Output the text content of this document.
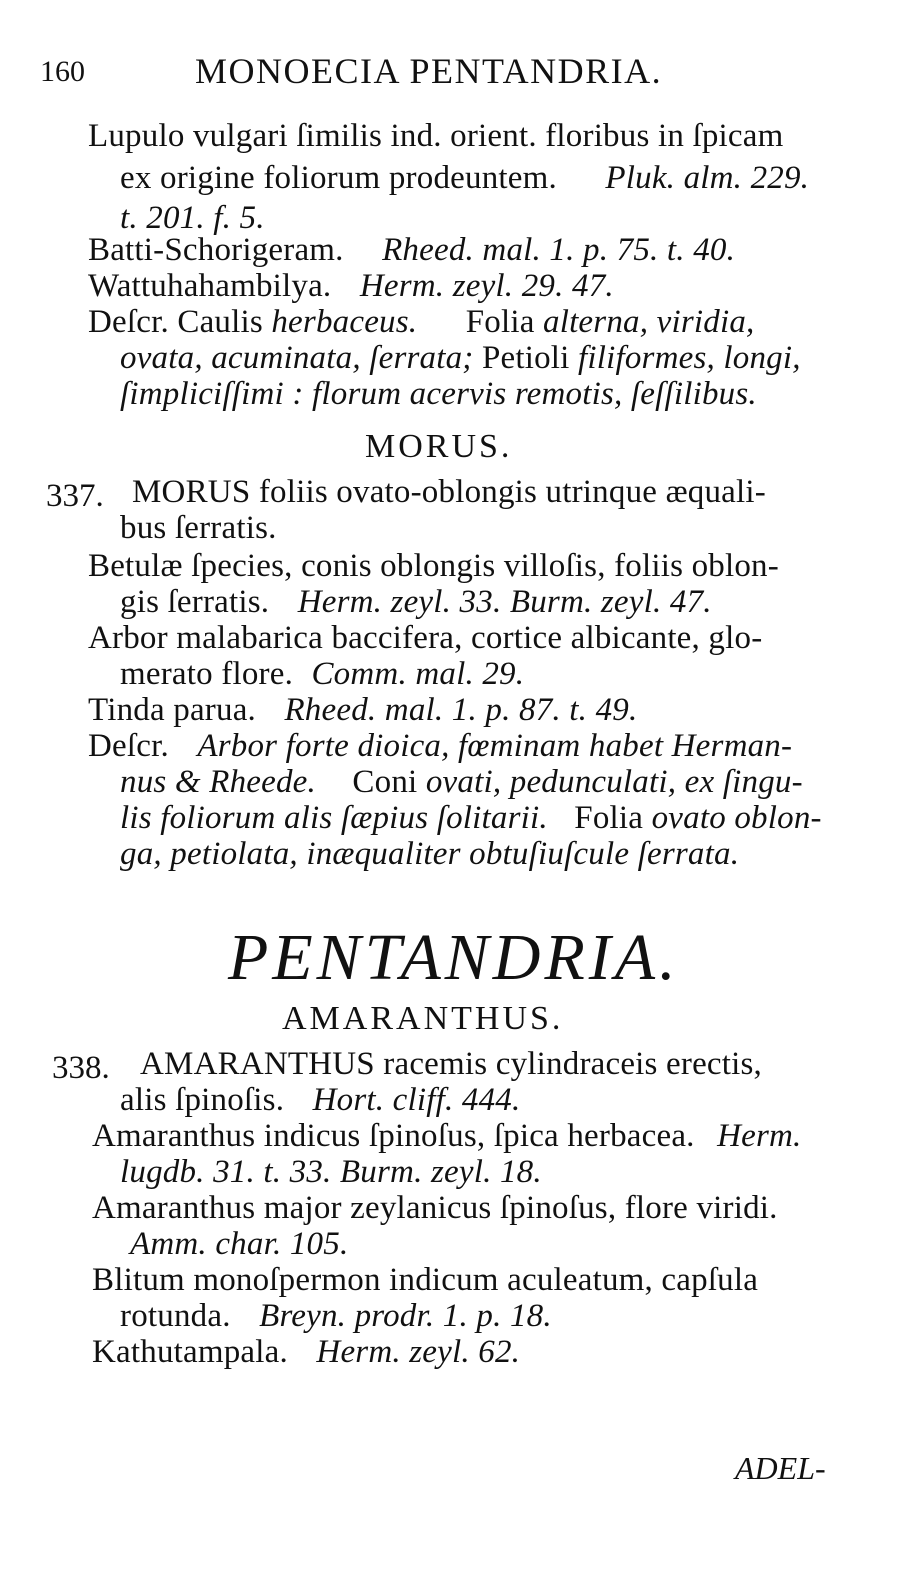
160	MONOECIA PENTANDRIA.
Lupulo vulgari ſimilis ind. orient. floribus in ſpicam
ex origine foliorum prodeuntem. Pluk. alm. 229.
t. 201. f. 5.
Batti-Schorigeram. Rheed. mal. 1. p. 75. t. 40.
Wattuhahambilya. Herm. zeyl. 29. 47.
Deſcr. Caulis herbaceus. Folia alterna, viridia,
ovata, acuminata, ſerrata; Petioli filiformes, longi,
ſimpliciſſimi : florum acervis remotis, ſeſſilibus.
MORUS.
337. MORUS foliis ovato-oblongis utrinque æquali-
bus ſerratis.
Betulæ ſpecies, conis oblongis villoſis, foliis oblon-
gis ſerratis. Herm. zeyl. 33. Burm. zeyl. 47.
Arbor malabarica baccifera, cortice albicante, glo-
merato flore. Comm. mal. 29.
Tinda parua. Rheed. mal. 1. p. 87. t. 49.
Deſcr. Arbor forte dioica, fœminam habet Herman-
nus & Rheede. Coni ovati, pedunculati, ex ſingu-
lis foliorum alis ſæpius ſolitarii. Folia ovato oblon-
ga, petiolata, inæqualiter obtuſiuſcule ſerrata.
PENTANDRIA.
AMARANTHUS.
338. AMARANTHUS racemis cylindraceis erectis,
alis ſpinoſis. Hort. cliff. 444.
Amaranthus indicus ſpinoſus, ſpica herbacea. Herm.
lugdb. 31. t. 33. Burm. zeyl. 18.
Amaranthus major zeylanicus ſpinoſus, flore viridi.
Amm. char. 105.
Blitum monoſpermon indicum aculeatum, capſula
rotunda. Breyn. prodr. 1. p. 18.
Kathutampala. Herm. zeyl. 62.
ADEL-
